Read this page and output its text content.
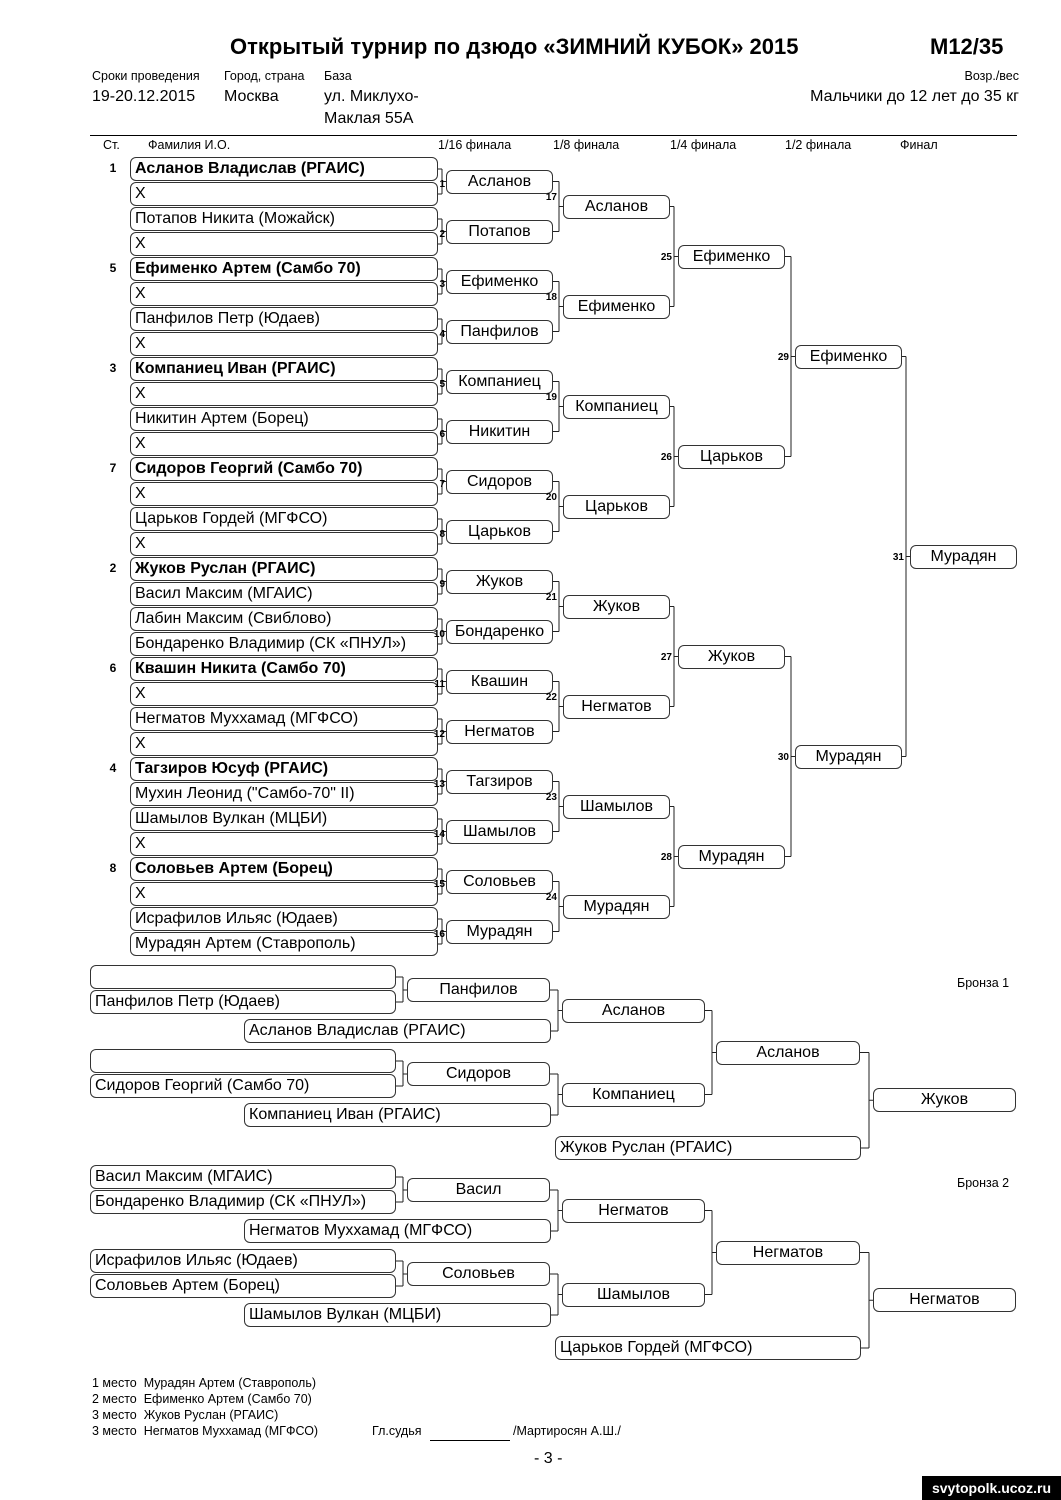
Открытый турнир по дзюдо «ЗИМНИЙ КУБОК» 2015	М12/35
Сроки проведения
19-20.12.2015
Город, страна
Москва
База
ул. Миклухо-
Маклая 55А
Возр./вес
Мальчики до 12 лет до 35 кг
Ст. Фамилия И.О.	1/16 финала	1/8 финала	1/4 финала	1/2 финала	Финал
Асланов Владислав (РГАИС)
1
Х
Потапов Никита (Можайск)
Х
Ефименко Артем (Самбо 70)
5
Х
Панфилов Петр (Юдаев)
Х
Компаниец Иван (РГАИС)
3
Х
Никитин Артем (Борец)
Х
Сидоров Георгий (Самбо 70)
7
Х
Царьков Гордей (МГФСО)
Х
Жуков Руслан (РГАИС)
2
Васил Максим (МГАИС)
Лабин Максим (Свиблово)
Бондаренко Владимир (СК «ПНУЛ»)
Квашин Никита (Самбо 70)
6
Х
Негматов Муххамад (МГФСО)
Х
Тагзиров Юсуф (РГАИС)
4
Мухин Леонид ("Самбо-70" II)
Шамылов Вулкан (МЦБИ)
Х
Соловьев Артем (Борец)
8
Х
Исрафилов Ильяс (Юдаев)
Мурадян Артем (Ставрополь)
Асланов
1
Потапов
2
Ефименко
3
Панфилов
4
Компаниец
5
Никитин
6
Сидоров
7
Царьков
8
Жуков
9
Бондаренко
10
Квашин
11
Негматов
12
Тагзиров
13
Шамылов
14
Соловьев
15
Мурадян
16
Асланов
17
Ефименко
18
Компаниец
19
Царьков
20
Жуков
21
Негматов
22
Шамылов
23
Мурадян
24
Ефименко
25
Царьков
26
Жуков
27
Мурадян
28
Ефименко
29
Мурадян
30
Мурадян
31
Бронза 1
Бронза 2
Панфилов Петр (Юдаев)
Панфилов
Асланов Владислав (РГАИС)
Асланов
Сидоров Георгий (Самбо 70)
Сидоров
Компаниец Иван (РГАИС)
Компаниец
Асланов
Жуков Руслан (РГАИС)
Жуков
Васил Максим (МГАИС)
Бондаренко Владимир (СК «ПНУЛ»)
Васил
Негматов Муххамад (МГФСО)
Негматов
Исрафилов Ильяс (Юдаев)
Соловьев Артем (Борец)
Соловьев
Шамылов Вулкан (МЦБИ)
Шамылов
Негматов
Царьков Гордей (МГФСО)
Негматов
1 место Мурадян Артем (Ставрополь)
2 место Ефименко Артем (Самбо 70)
3 место Жуков Руслан (РГАИС)
3 место Негматов Муххамад (МГФСО)	Гл.судья	/Мартиросян А.Ш./
- 3 -
svytopolk.ucoz.ru
